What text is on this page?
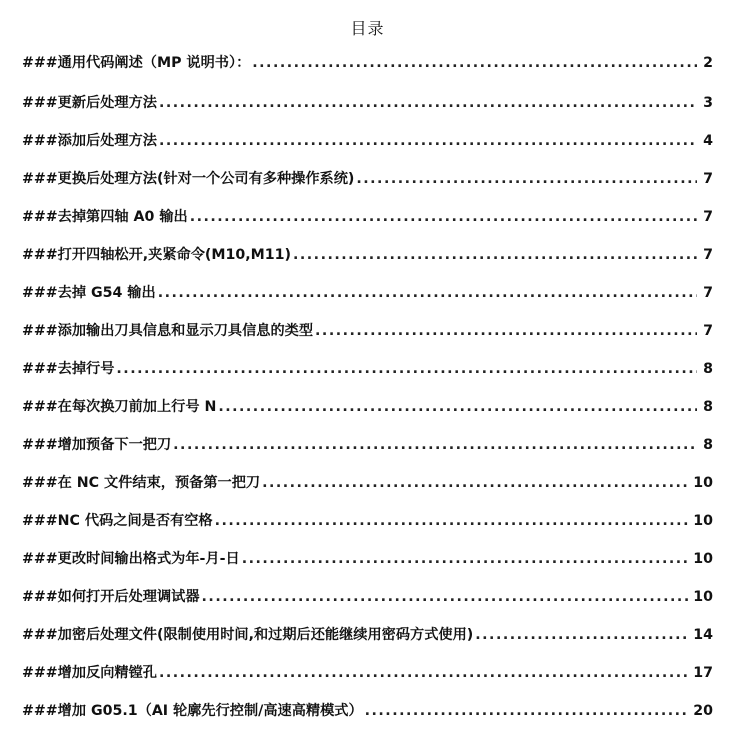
目录
###通用代码阐述（MP 说明书）： .....	2
###更新后处理方法 .....	3
###添加后处理方法 .....	4
###更换后处理方法(针对一个公司有多种操作系统) .....	7
###去掉第四轴 A0 输出 .....	7
###打开四轴松开,夹紧命令(M10,M11) .....	7
###去掉 G54 输出 .....	7
###添加输出刀具信息和显示刀具信息的类型 .....	7
###去掉行号 .....	8
###在每次换刀前加上行号 N .....	8
###增加预备下一把刀 .....	8
###在 NC 文件结束，预备第一把刀 .....	10
###NC 代码之间是否有空格 .....	10
###更改时间输出格式为年-月-日 .....	10
###如何打开后处理调试器 .....	10
###加密后处理文件(限制使用时间,和过期后还能继续用密码方式使用) .....	14
###增加反向精镗孔 .....	17
###增加 G05.1（AI 轮廓先行控制/高速高精模式） .....	20
